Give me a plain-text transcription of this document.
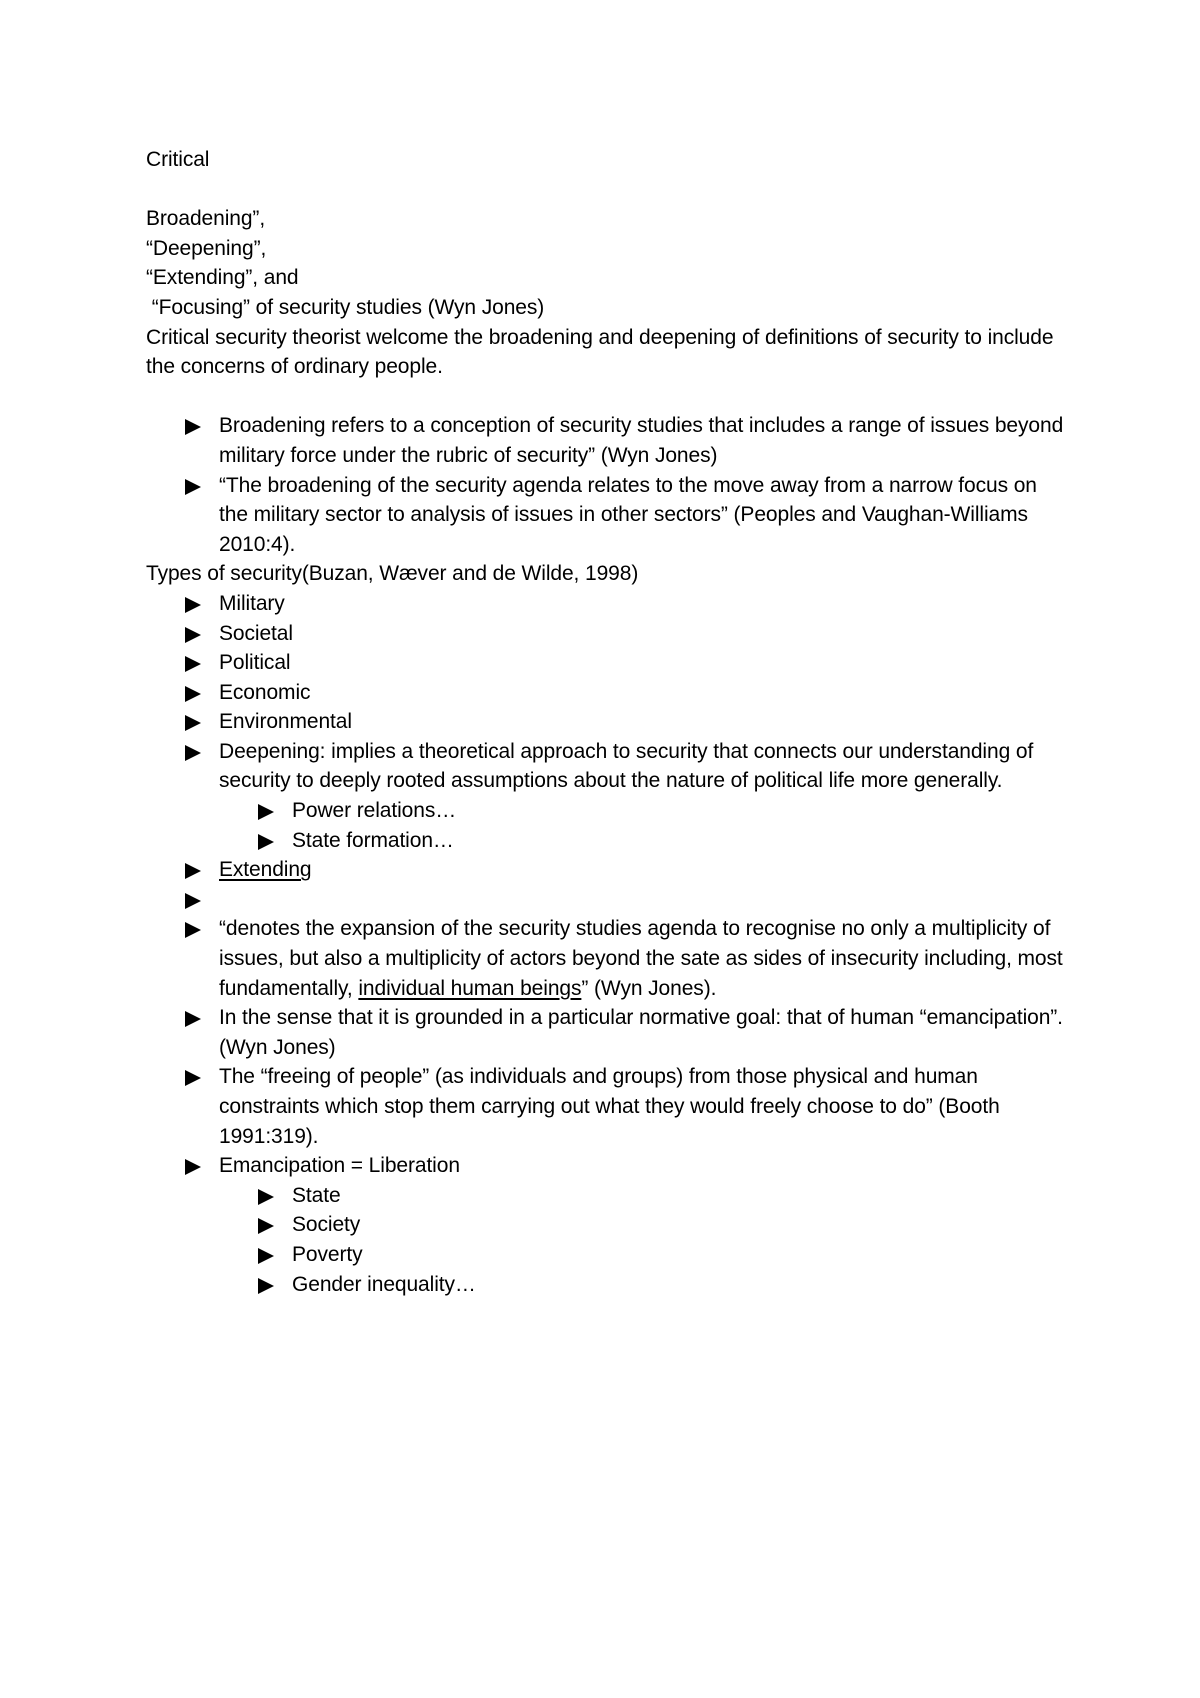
Critical
Broadening”,
“Deepening”,
“Extending”, and
“Focusing” of security studies (Wyn Jones)
Critical security theorist welcome the broadening and deepening of definitions of security to include the concerns of ordinary people.
Broadening refers to a conception of security studies that includes a range of issues beyond military force under the rubric of security” (Wyn Jones)
“The broadening of the security agenda relates to the move away from a narrow focus on the military sector to analysis of issues in other sectors” (Peoples and Vaughan-Williams 2010:4).
Types of security(Buzan, Wæver and de Wilde, 1998)
Military
Societal
Political
Economic
Environmental
Deepening: implies a theoretical approach to security that connects our understanding of security to deeply rooted assumptions about the nature of political life more generally.
Power relations…
State formation…
Extending
“denotes the expansion of the security studies agenda to recognise no only a multiplicity of issues, but also a multiplicity of actors beyond the sate as sides of insecurity including, most fundamentally, individual human beings” (Wyn Jones).
In the sense that it is grounded in a particular normative goal: that of human “emancipation”. (Wyn Jones)
The “freeing of people” (as individuals and groups) from those physical and human constraints which stop them carrying out what they would freely choose to do” (Booth 1991:319).
Emancipation = Liberation
State
Society
Poverty
Gender inequality…
